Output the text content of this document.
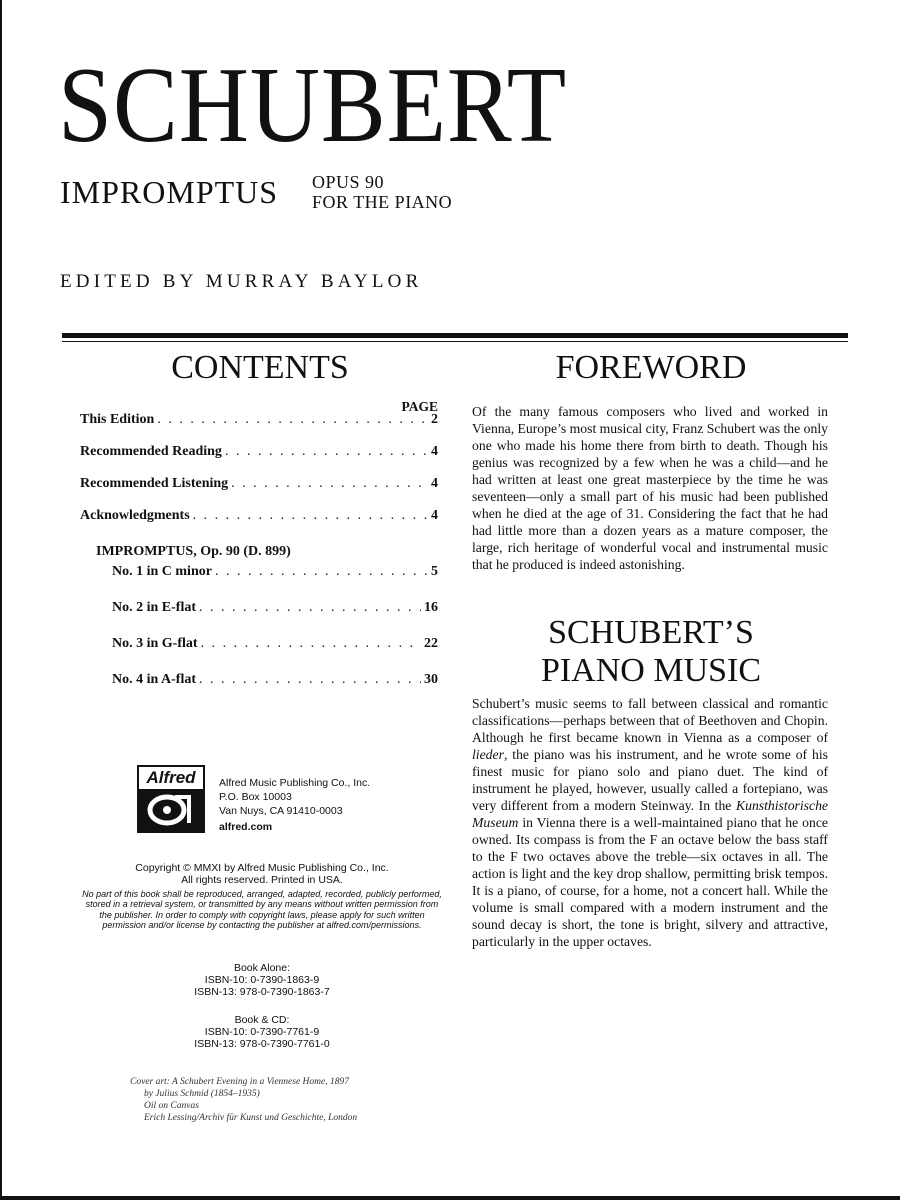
SCHUBERT
IMPROMPTUS OPUS 90
FOR THE PIANO
EDITED BY MURRAY BAYLOR
CONTENTS
PAGE
This Edition . . .	2
Recommended Reading . . .	4
Recommended Listening . . .	4
Acknowledgments . . .	4
IMPROMPTUS, Op. 90 (D. 899)
No. 1 in C minor . . .	5
No. 2 in E-flat . . .	16
No. 3 in G-flat . . .	22
No. 4 in A-flat . . .	30
FOREWORD
Of the many famous composers who lived and worked in Vienna, Europe’s most musical city, Franz Schubert was the only one who made his home there from birth to death. Though his genius was recognized by a few when he was a child—and he had written at least one great masterpiece by the time he was seventeen—only a small part of his music had been published when he died at the age of 31. Considering the fact that he had had little more than a dozen years as a mature composer, the large, rich heritage of wonderful vocal and instrumental music that he produced is indeed astonishing.
SCHUBERT’S
PIANO MUSIC
Schubert’s music seems to fall between classical and romantic classifications—perhaps between that of Beethoven and Chopin. Although he first became known in Vienna as a composer of lieder, the piano was his instrument, and he wrote some of his finest music for piano solo and piano duet. The kind of instrument he played, however, usually called a fortepiano, was very different from a modern Steinway. In the Kunsthistorische Museum in Vienna there is a well-maintained piano that he once owned. Its compass is from the F an octave below the bass staff to the F two octaves above the treble—six octaves in all. The action is light and the key drop shallow, permitting brisk tempos. It is a piano, of course, for a home, not a concert hall. While the volume is small compared with a modern instrument and the sound decay is short, the tone is bright, silvery and attractive, particularly in the upper octaves.
Alfred	Alfred Music Publishing Co., Inc.
P.O. Box 10003
Van Nuys, CA 91410-0003
alfred.com
Copyright © MMXI by Alfred Music Publishing Co., Inc.
All rights reserved. Printed in USA.
No part of this book shall be reproduced, arranged, adapted, recorded, publicly performed, stored in a retrieval system, or transmitted by any means without written permission from the publisher. In order to comply with copyright laws, please apply for such written permission and/or license by contacting the publisher at alfred.com/permissions.
Book Alone:
ISBN-10: 0-7390-1863-9
ISBN-13: 978-0-7390-1863-7
Book & CD:
ISBN-10: 0-7390-7761-9
ISBN-13: 978-0-7390-7761-0
Cover art: A Schubert Evening in a Viennese Home, 1897
by Julius Schmid (1854–1935)
Oil on Canvas
Erich Lessing/Archiv für Kunst und Geschichte, London
